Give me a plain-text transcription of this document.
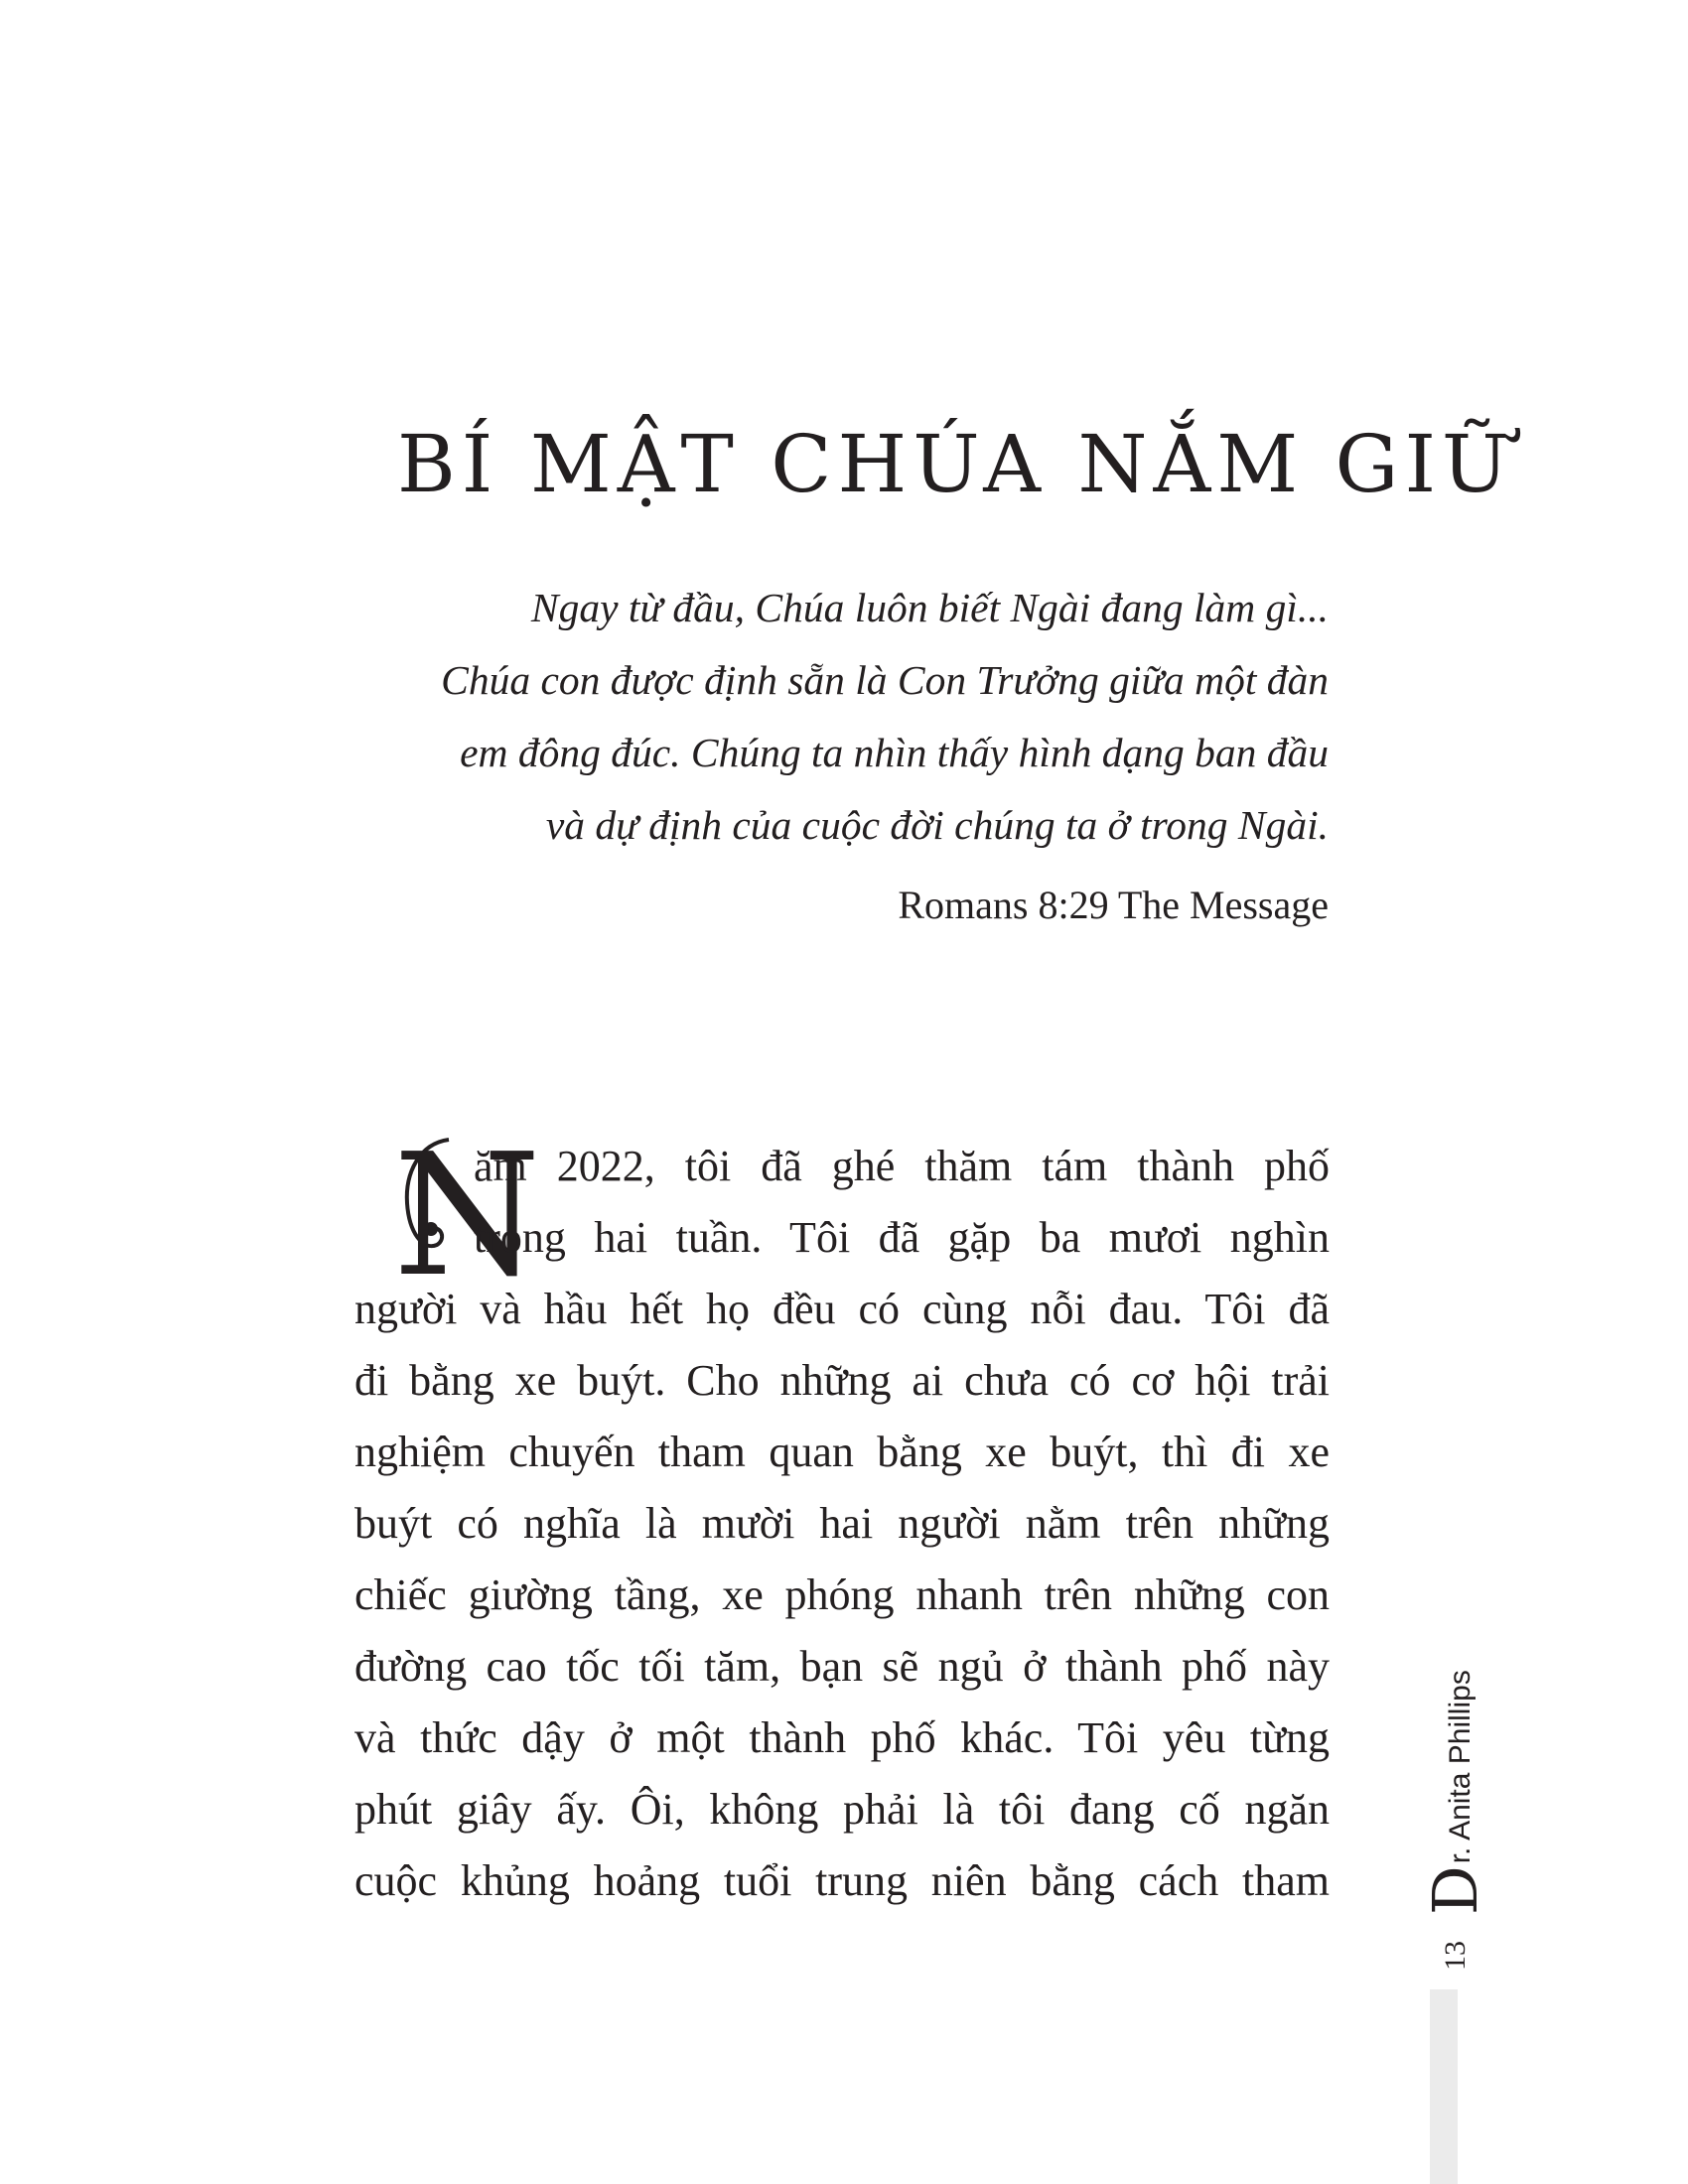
BÍ MẬT CHÚA NẮM GIỮ
Ngay từ đầu, Chúa luôn biết Ngài đang làm gì...
Chúa con được định sẵn là Con Trưởng giữa một đàn
em đông đúc. Chúng ta nhìn thấy hình dạng ban đầu
và dự định của cuộc đời chúng ta ở trong Ngài.
Romans 8:29 The Message
N
ăm 2022, tôi đã ghé thăm tám thành phố
trong hai tuần. Tôi đã gặp ba mươi nghìn
người và hầu hết họ đều có cùng nỗi đau. Tôi đã
đi bằng xe buýt. Cho những ai chưa có cơ hội trải
nghiệm chuyến tham quan bằng xe buýt, thì đi xe
buýt có nghĩa là mười hai người nằm trên những
chiếc giường tầng, xe phóng nhanh trên những con
đường cao tốc tối tăm, bạn sẽ ngủ ở thành phố này
và thức dậy ở một thành phố khác. Tôi yêu từng
phút giây ấy. Ôi, không phải là tôi đang cố ngăn
cuộc khủng hoảng tuổi trung niên bằng cách tham
13
D
r. Anita Phillips
